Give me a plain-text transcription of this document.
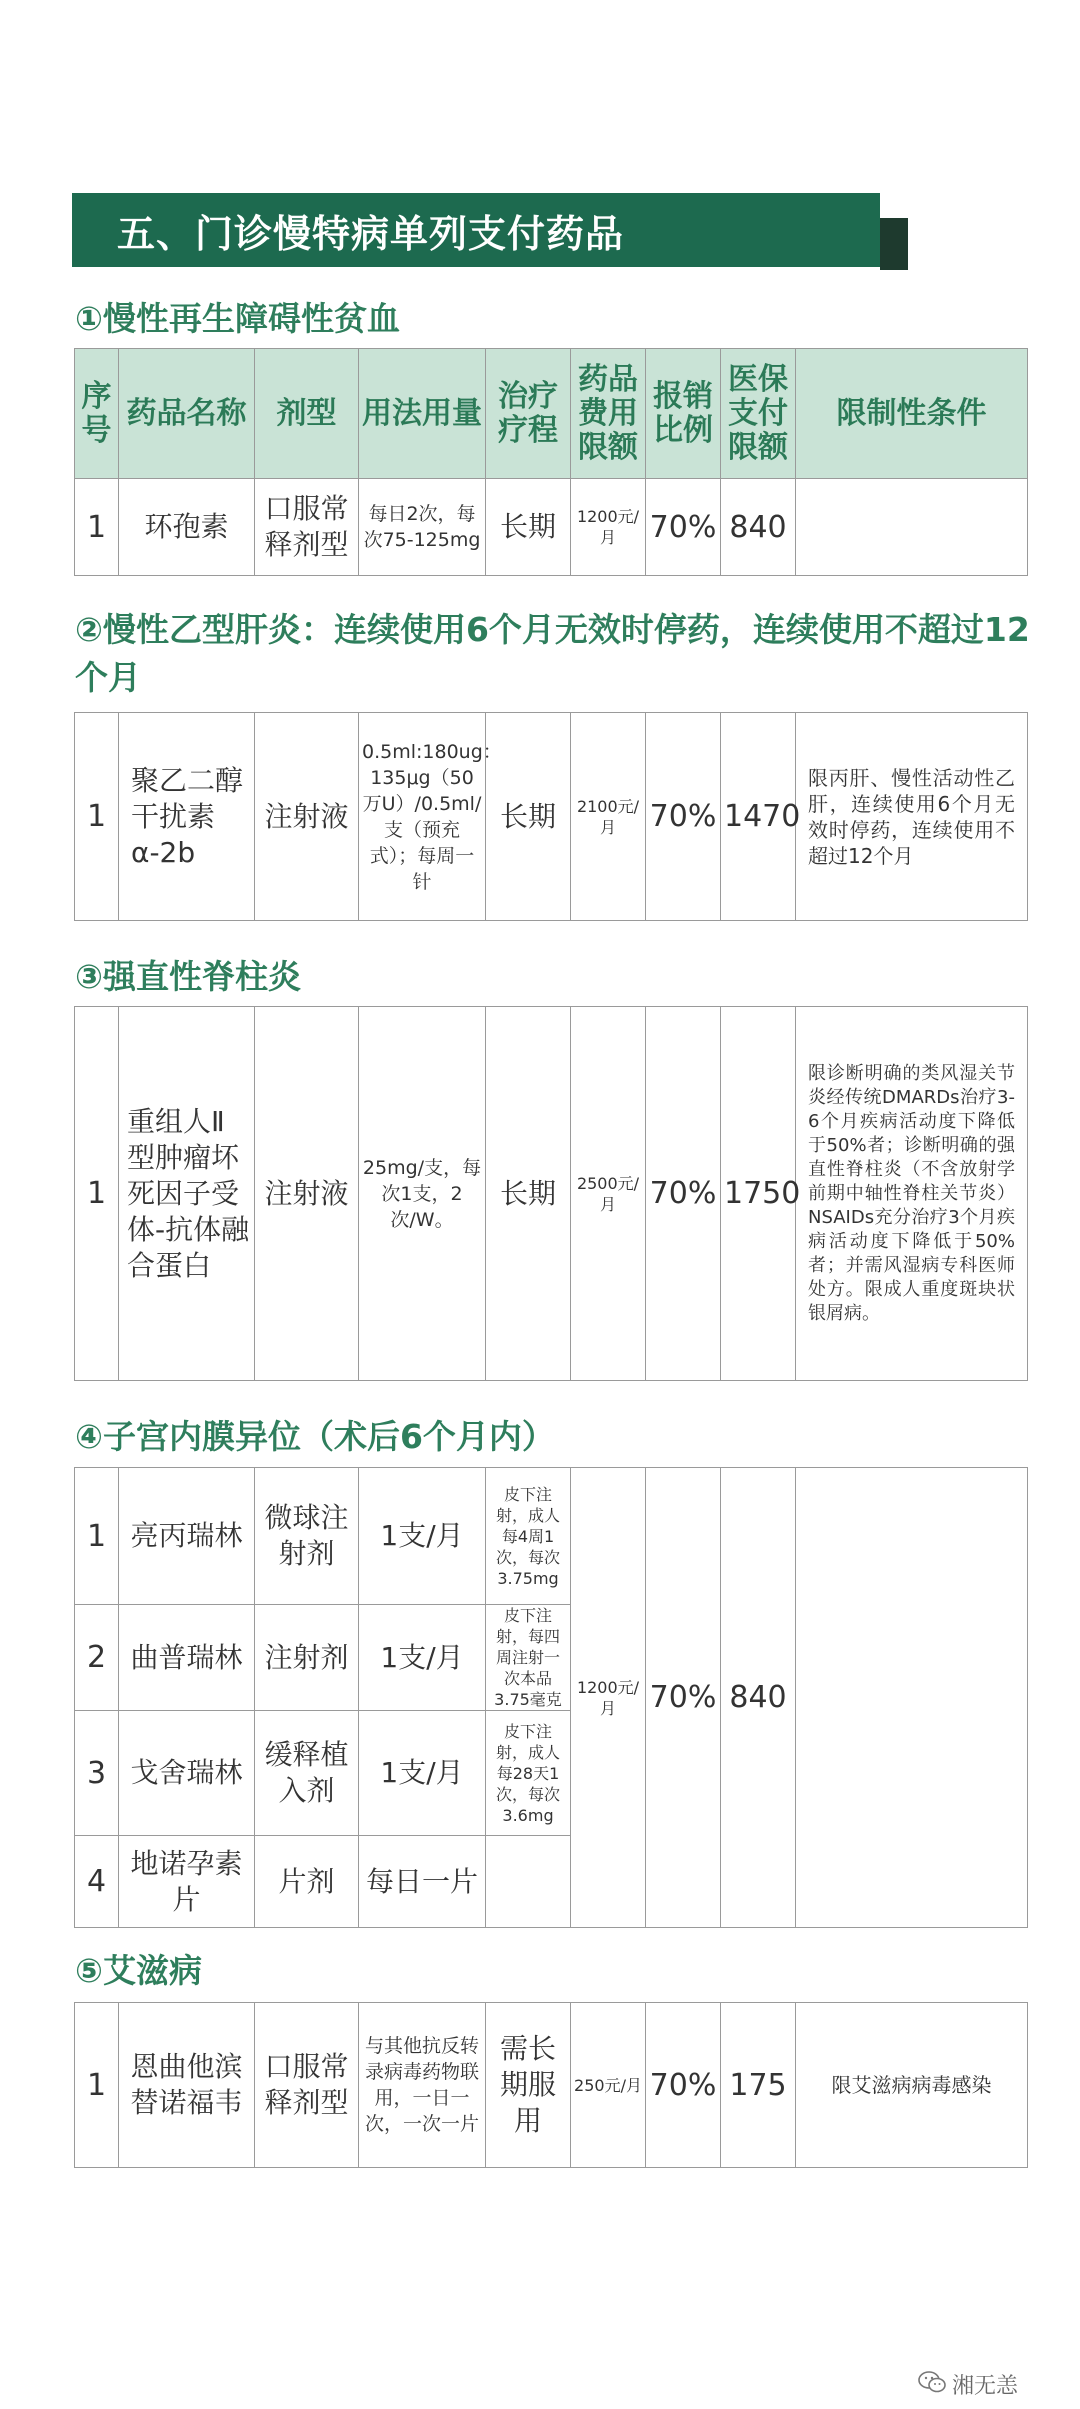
五、门诊慢特病单列支付药品
①慢性再生障碍性贫血
序号	药品名称	剂型	用法用量	治疗疗程	药品费用限额	报销比例	医保支付限额	限制性条件
1	环孢素	口服常释剂型	每日2次，每次75-125mg	长期	1200元/月	70%	840	
②慢性乙型肝炎：连续使用6个月无效时停药，连续使用不超过12个月
1	聚乙二醇干扰素α-2b	注射液	0.5ml:180ug：135μg（50万U）/0.5ml/支（预充式）；每周一针	长期	2100元/月	70%	1470	限丙肝、慢性活动性乙肝，连续使用6个月无效时停药，连续使用不超过12个月
③强直性脊柱炎
1	重组人Ⅱ型肿瘤坏死因子受体-抗体融合蛋白	注射液	25mg/支，每次1支，2次/W。	长期	2500元/月	70%	1750	限诊断明确的类风湿关节炎经传统DMARDs治疗3-6个月疾病活动度下降低于50%者；诊断明确的强直性脊柱炎（不含放射学前期中轴性脊柱关节炎）NSAIDs充分治疗3个月疾病活动度下降低于50%者；并需风湿病专科医师处方。限成人重度斑块状银屑病。
④子宫内膜异位（术后6个月内）
1	亮丙瑞林	微球注射剂	1支/月	皮下注射，成人每4周1次，每次3.75mg	1200元/月	70%	840	
2	曲普瑞林	注射剂	1支/月	皮下注射，每四周注射一次本品3.75毫克				
3	戈舍瑞林	缓释植入剂	1支/月	皮下注射，成人每28天1次，每次3.6mg				
4	地诺孕素片	片剂	每日一片					
⑤艾滋病
1	恩曲他滨替诺福韦	口服常释剂型	与其他抗反转录病毒药物联用，一日一次，一次一片	需长期服用	250元/月	70%	175	限艾滋病病毒感染
湘无恙
